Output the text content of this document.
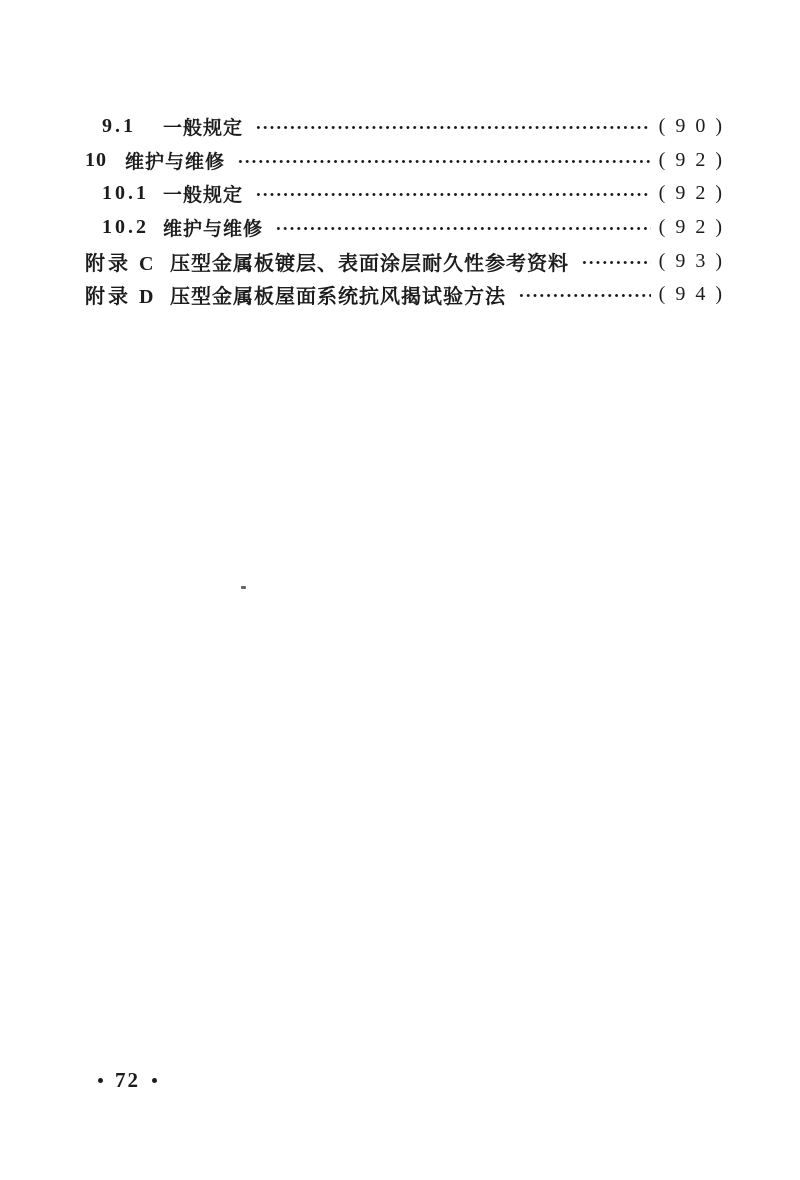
9.1	一般规定	(90)
10 维护与维修	(92)
10.1 一般规定	(92)
10.2 维护与维修	(92)
附录 C 压型金属板镀层、表面涂层耐久性参考资料	(93)
附录 D 压型金属板屋面系统抗风揭试验方法	(94)
72
